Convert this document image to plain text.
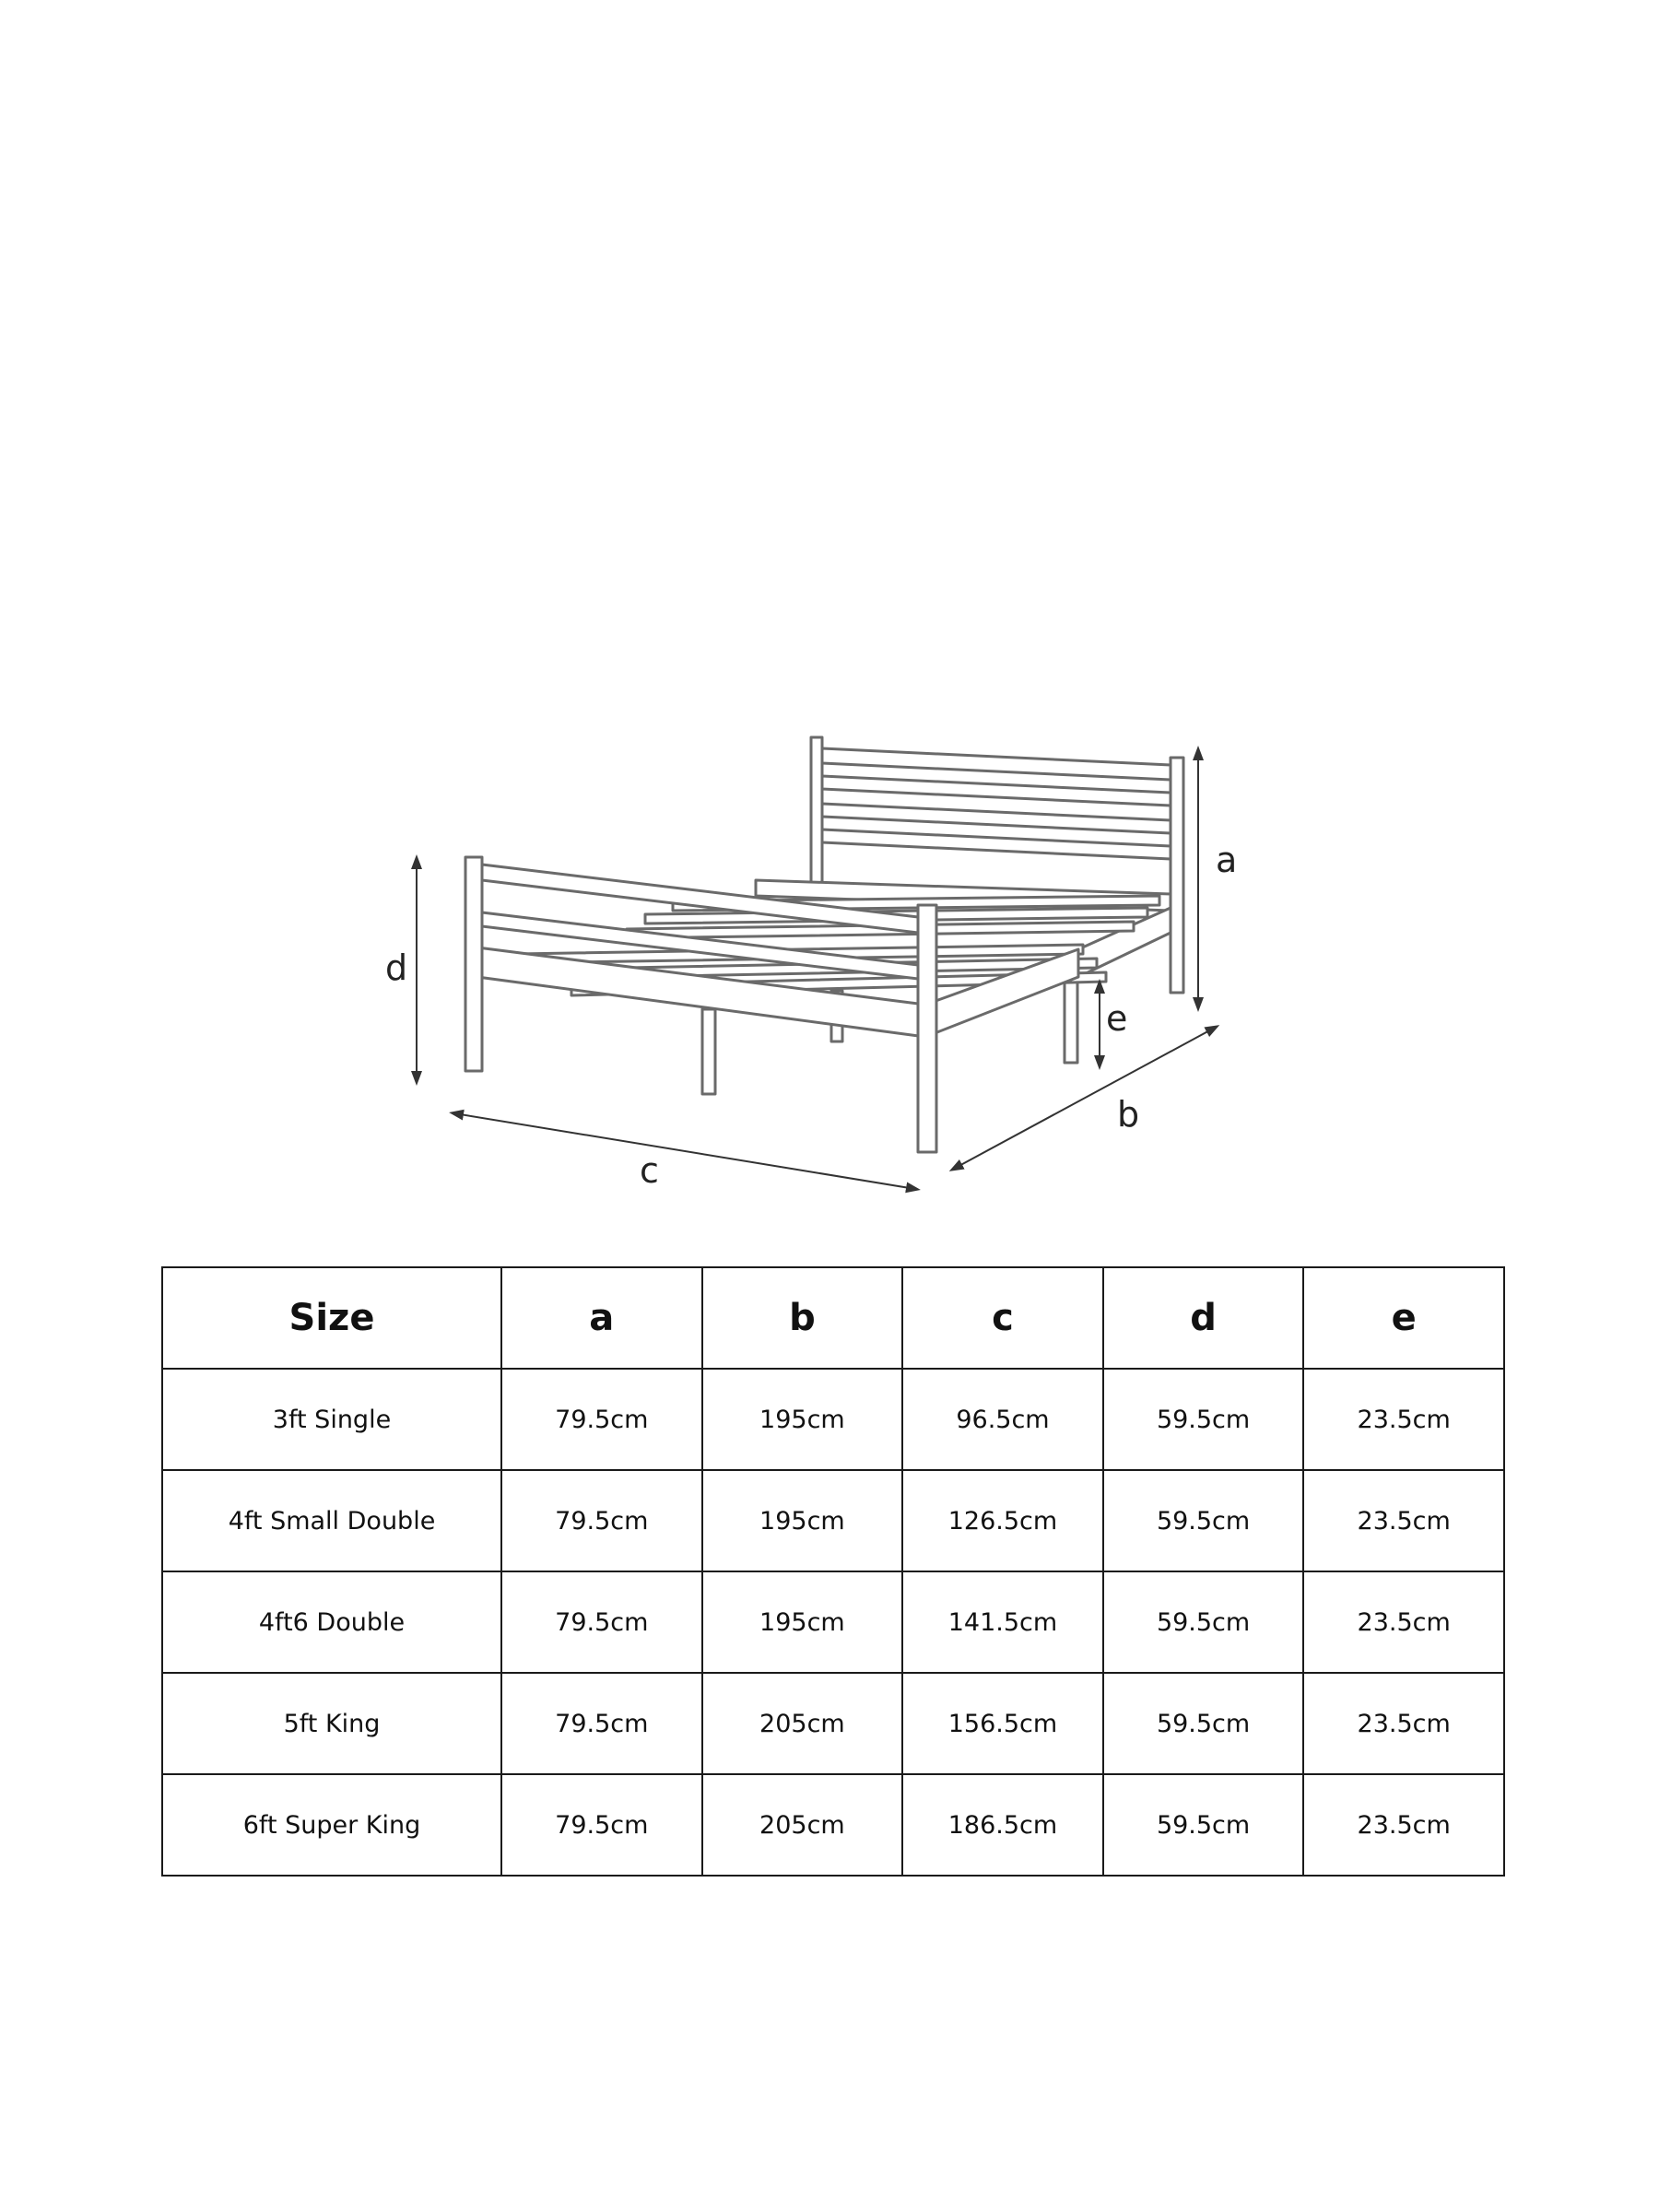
a
d
e
b
c
Size	a	b	c	d	e
3ft Single	79.5cm	195cm	96.5cm	59.5cm	23.5cm
4ft Small Double	79.5cm	195cm	126.5cm	59.5cm	23.5cm
4ft6 Double	79.5cm	195cm	141.5cm	59.5cm	23.5cm
5ft King	79.5cm	205cm	156.5cm	59.5cm	23.5cm
6ft Super King	79.5cm	205cm	186.5cm	59.5cm	23.5cm
